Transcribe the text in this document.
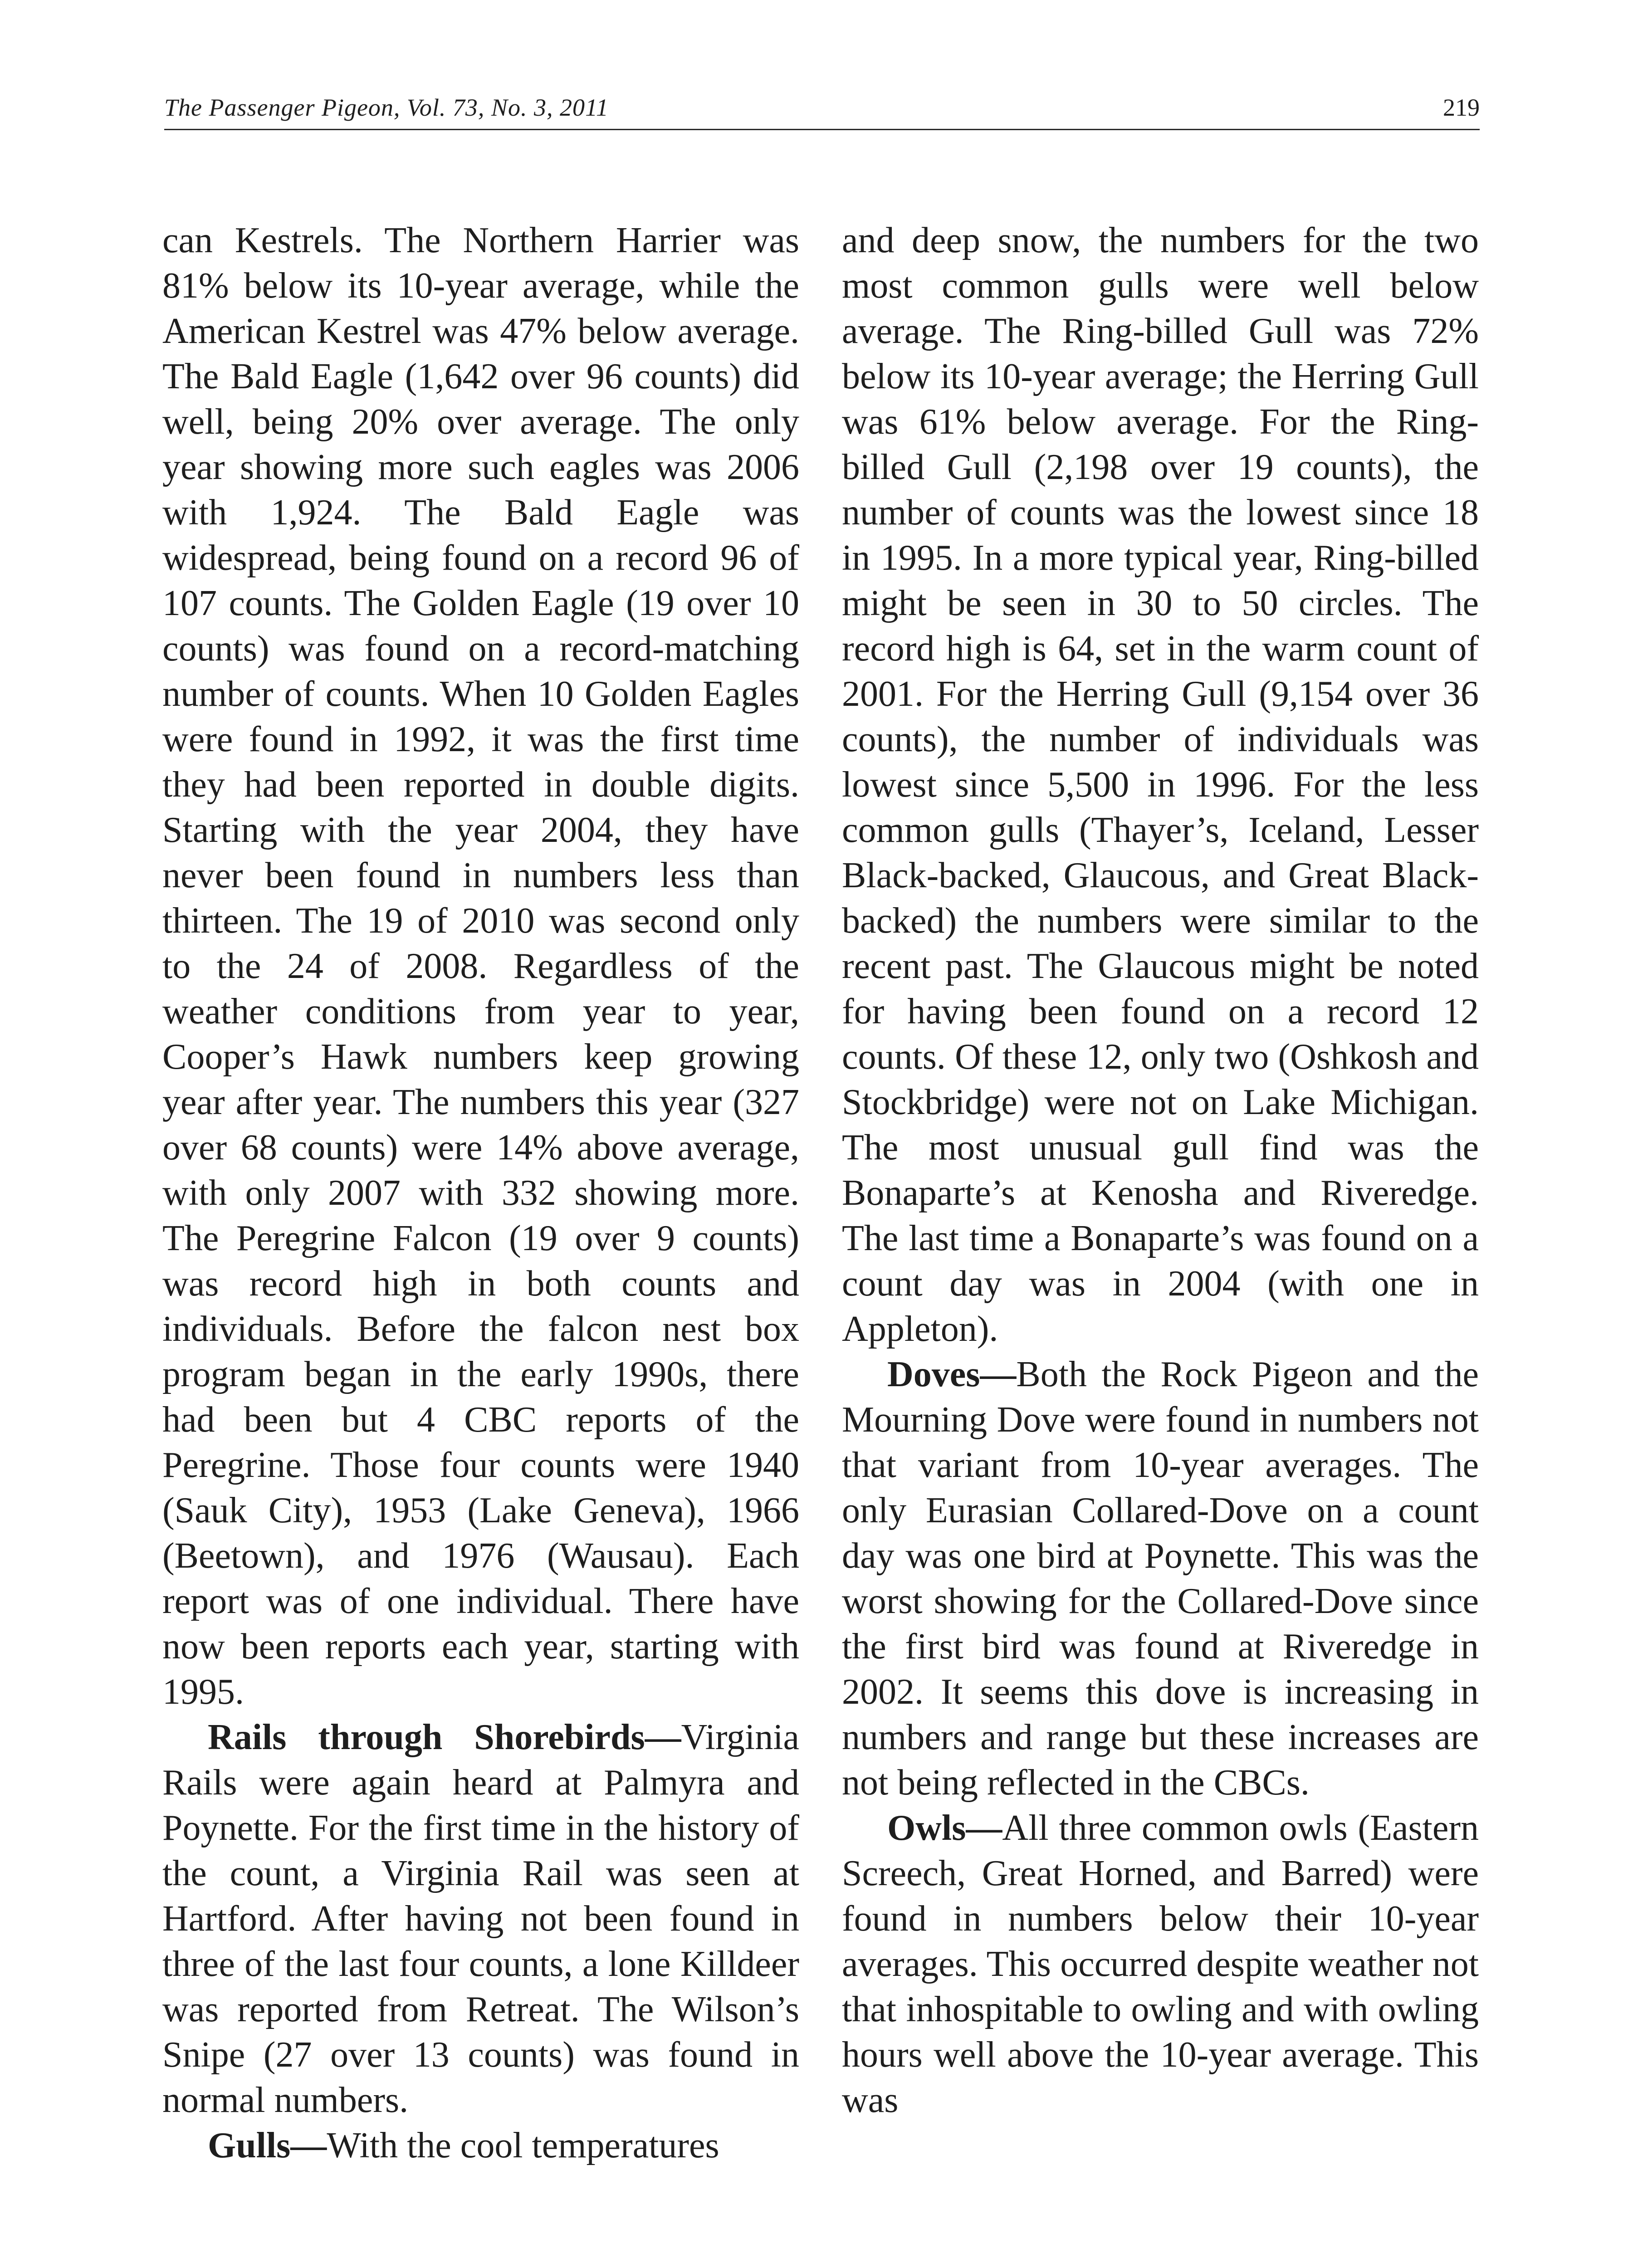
The Passenger Pigeon, Vol. 73, No. 3, 2011	219

can Kestrels. The Northern Harrier was 81% below its 10-year average, while the American Kestrel was 47% below average. The Bald Eagle (1,642 over 96 counts) did well, being 20% over average. The only year showing more such eagles was 2006 with 1,924. The Bald Eagle was widespread, being found on a record 96 of 107 counts. The Golden Eagle (19 over 10 counts) was found on a record-matching number of counts. When 10 Golden Eagles were found in 1992, it was the first time they had been reported in double digits. Starting with the year 2004, they have never been found in numbers less than thirteen. The 19 of 2010 was second only to the 24 of 2008. Regardless of the weather conditions from year to year, Cooper’s Hawk numbers keep growing year after year. The numbers this year (327 over 68 counts) were 14% above average, with only 2007 with 332 showing more. The Peregrine Falcon (19 over 9 counts) was record high in both counts and individuals. Before the falcon nest box program began in the early 1990s, there had been but 4 CBC reports of the Peregrine. Those four counts were 1940 (Sauk City), 1953 (Lake Geneva), 1966 (Beetown), and 1976 (Wausau). Each report was of one individual. There have now been reports each year, starting with 1995.

Rails through Shorebirds—Virginia Rails were again heard at Palmyra and Poynette. For the first time in the history of the count, a Virginia Rail was seen at Hartford. After having not been found in three of the last four counts, a lone Killdeer was reported from Retreat. The Wilson’s Snipe (27 over 13 counts) was found in normal numbers.

Gulls—With the cool temperatures

and deep snow, the numbers for the two most common gulls were well below average. The Ring-billed Gull was 72% below its 10-year average; the Herring Gull was 61% below average. For the Ring-billed Gull (2,198 over 19 counts), the number of counts was the lowest since 18 in 1995. In a more typical year, Ring-billed might be seen in 30 to 50 circles. The record high is 64, set in the warm count of 2001. For the Herring Gull (9,154 over 36 counts), the number of individuals was lowest since 5,500 in 1996. For the less common gulls (Thayer’s, Iceland, Lesser Black-backed, Glaucous, and Great Black-backed) the numbers were similar to the recent past. The Glaucous might be noted for having been found on a record 12 counts. Of these 12, only two (Oshkosh and Stockbridge) were not on Lake Michigan. The most unusual gull find was the Bonaparte’s at Kenosha and Riveredge. The last time a Bonaparte’s was found on a count day was in 2004 (with one in Appleton).

Doves—Both the Rock Pigeon and the Mourning Dove were found in numbers not that variant from 10-year averages. The only Eurasian Collared-Dove on a count day was one bird at Poynette. This was the worst showing for the Collared-Dove since the first bird was found at Riveredge in 2002. It seems this dove is increasing in numbers and range but these increases are not being reflected in the CBCs.

Owls—All three common owls (Eastern Screech, Great Horned, and Barred) were found in numbers below their 10-year averages. This occurred despite weather not that inhospitable to owling and with owling hours well above the 10-year average. This was
